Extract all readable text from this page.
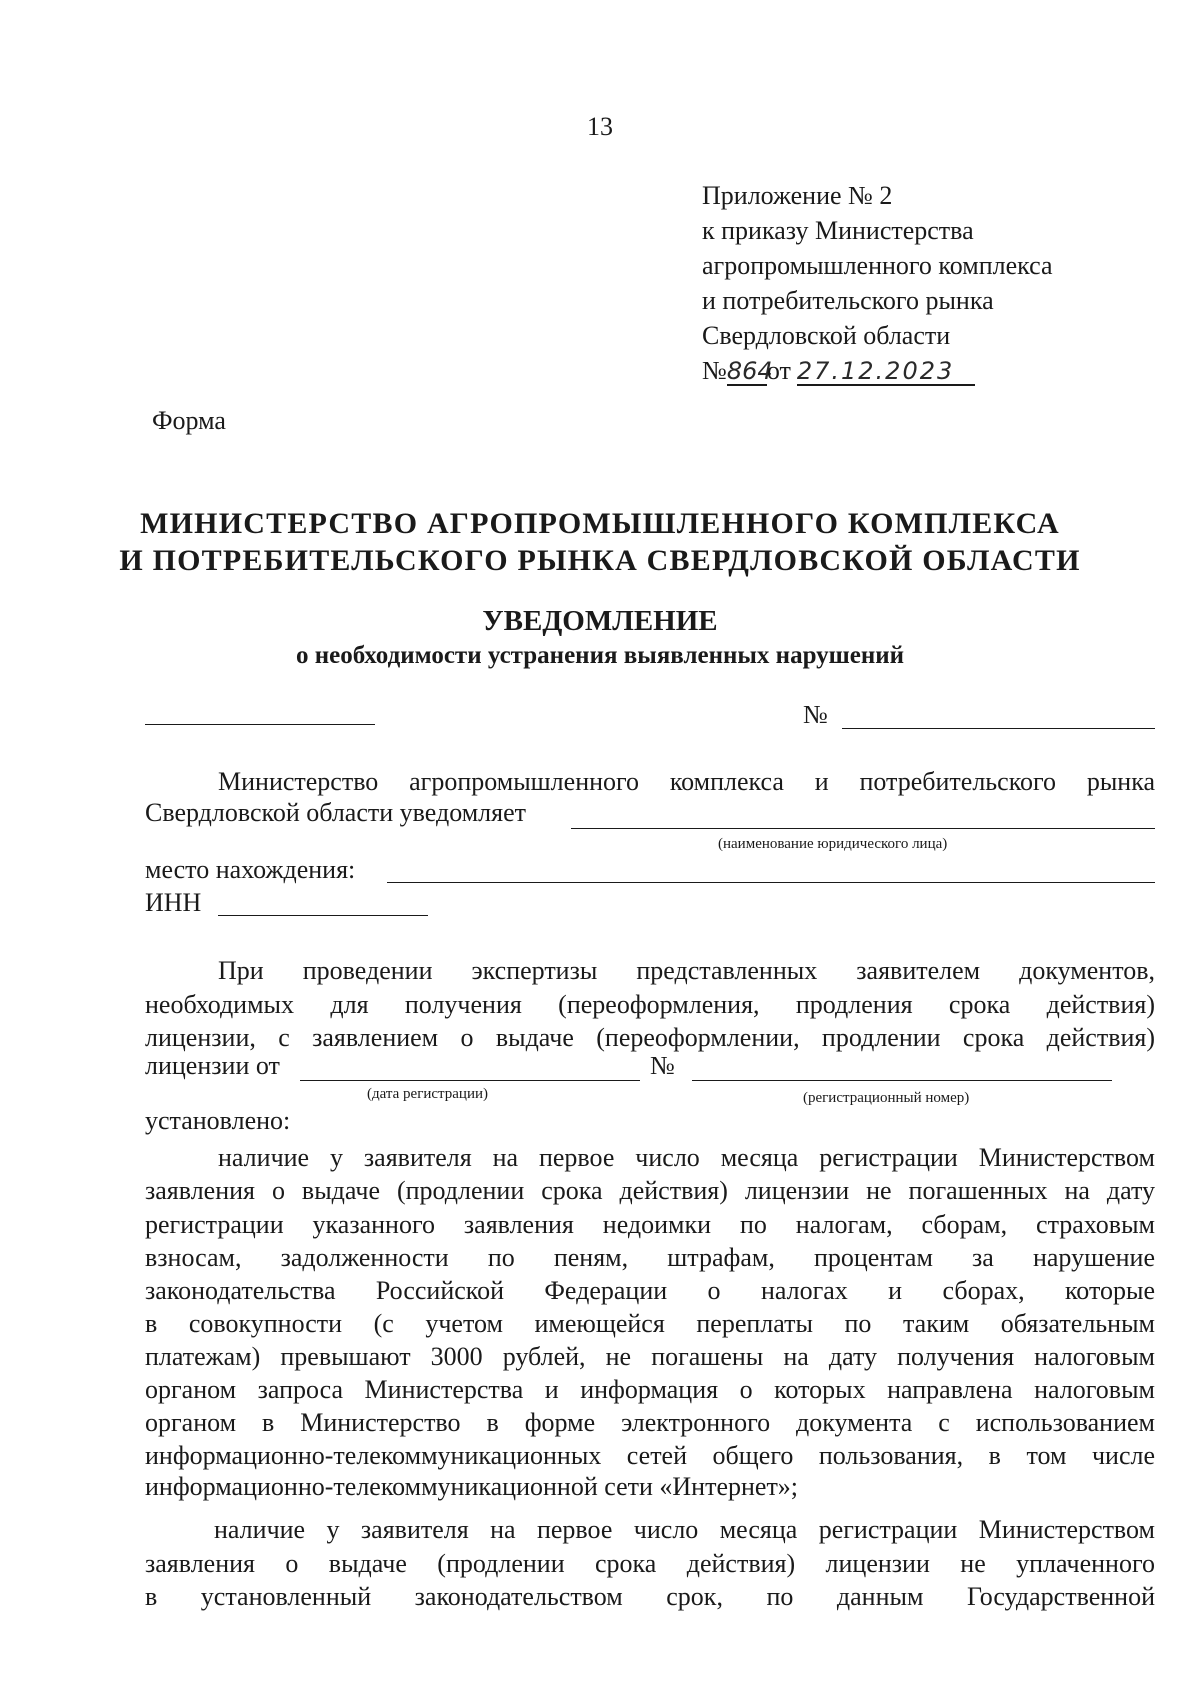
13
Приложение № 2
к приказу Министерства
агропромышленного комплекса
и потребительского рынка
Свердловской области
№864от 27.12.2023
Форма
МИНИСТЕРСТВО АГРОПРОМЫШЛЕННОГО КОМПЛЕКСА
И ПОТРЕБИТЕЛЬСКОГО РЫНКА СВЕРДЛОВСКОЙ ОБЛАСТИ
УВЕДОМЛЕНИЕ
о необходимости устранения выявленных нарушений
№
Министерство агропромышленного комплекса и потребительского рынка
Свердловской области уведомляет
(наименование юридического лица)
место нахождения:
ИНН
При проведении экспертизы представленных заявителем документов,
необходимых для получения (переоформления, продления срока действия)
лицензии, с заявлением о выдаче (переоформлении, продлении срока действия)
лицензии от	№
(дата регистрации)	(регистрационный номер)
установлено:
наличие у заявителя на первое число месяца регистрации Министерством
заявления о выдаче (продлении срока действия) лицензии не погашенных на дату
регистрации указанного заявления недоимки по налогам, сборам, страховым
взносам, задолженности по пеням, штрафам, процентам за нарушение
законодательства Российской Федерации о налогах и сборах, которые
в совокупности (с учетом имеющейся переплаты по таким обязательным
платежам) превышают 3000 рублей, не погашены на дату получения налоговым
органом запроса Министерства и информация о которых направлена налоговым
органом в Министерство в форме электронного документа с использованием
информационно-телекоммуникационных сетей общего пользования, в том числе
информационно-телекоммуникационной сети «Интернет»;
наличие у заявителя на первое число месяца регистрации Министерством
заявления о выдаче (продлении срока действия) лицензии не уплаченного
в установленный законодательством срок, по данным Государственной
